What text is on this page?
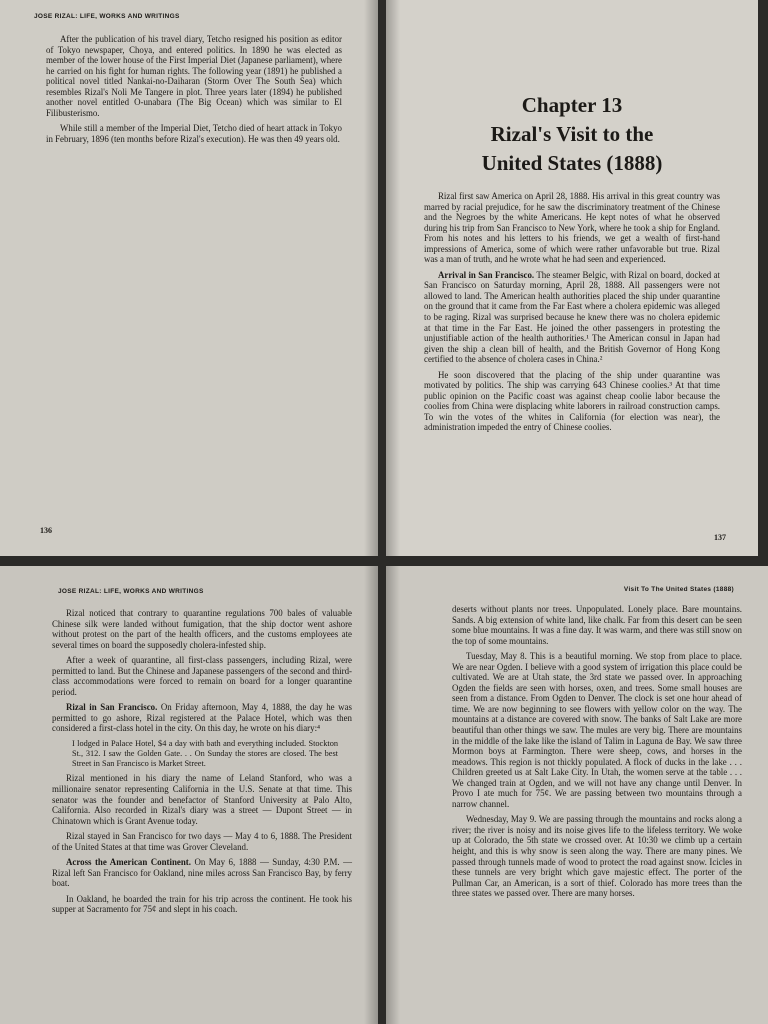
JOSE RIZAL: LIFE, WORKS AND WRITINGS

After the publication of his travel diary, Tetcho resigned his position as editor of Tokyo newspaper, Choya, and entered politics. In 1890 he was elected as member of the lower house of the First Imperial Diet (Japanese parliament), where he carried on his fight for human rights. The following year (1891) he published a political novel titled Nankai-no-Daiharan (Storm Over The South Sea) which resembles Rizal's Noli Me Tangere in plot. Three years later (1894) he published another novel entitled O-unabara (The Big Ocean) which was similar to El Filibusterismo.

While still a member of the Imperial Diet, Tetcho died of heart attack in Tokyo in February, 1896 (ten months before Rizal's execution). He was then 49 years old.

136
Chapter 13
Rizal's Visit to the
United States (1888)

Rizal first saw America on April 28, 1888. His arrival in this great country was marred by racial prejudice, for he saw the discriminatory treatment of the Chinese and the Negroes by the white Americans. He kept notes of what he observed during his trip from San Francisco to New York, where he took a ship for England. From his notes and his letters to his friends, we get a wealth of first-hand impressions of America, some of which were rather unfavorable but true. Rizal was a man of truth, and he wrote what he had seen and experienced.

Arrival in San Francisco. The steamer Belgic, with Rizal on board, docked at San Francisco on Saturday morning, April 28, 1888. All passengers were not allowed to land. The American health authorities placed the ship under quarantine on the ground that it came from the Far East where a cholera epidemic was alleged to be raging. Rizal was surprised because he knew there was no cholera epidemic at that time in the Far East. He joined the other passengers in protesting the unjustifiable action of the health authorities.¹ The American consul in Japan had given the ship a clean bill of health, and the British Governor of Hong Kong certified to the absence of cholera cases in China.²

He soon discovered that the placing of the ship under quarantine was motivated by politics. The ship was carrying 643 Chinese coolies.³ At that time public opinion on the Pacific coast was against cheap coolie labor because the coolies from China were displacing white laborers in railroad construction camps. To win the votes of the whites in California (for election was near), the administration impeded the entry of Chinese coolies.

137
JOSE RIZAL: LIFE, WORKS AND WRITINGS

Rizal noticed that contrary to quarantine regulations 700 bales of valuable Chinese silk were landed without fumigation, that the ship doctor went ashore without protest on the part of the health officers, and the customs employees ate several times on board the supposedly cholera-infested ship.

After a week of quarantine, all first-class passengers, including Rizal, were permitted to land. But the Chinese and Japanese passengers of the second and third-class accommodations were forced to remain on board for a longer quarantine period.

Rizal in San Francisco. On Friday afternoon, May 4, 1888, the day he was permitted to go ashore, Rizal registered at the Palace Hotel, which was then considered a first-class hotel in the city. On this day, he wrote on his diary:⁴

I lodged in Palace Hotel, $4 a day with bath and everything included. Stockton St., 312. I saw the Golden Gate. . . On Sunday the stores are closed. The best Street in San Francisco is Market Street.

Rizal mentioned in his diary the name of Leland Stanford, who was a millionaire senator representing California in the U.S. Senate at that time. This senator was the founder and benefactor of Stanford University at Palo Alto, California. Also recorded in Rizal's diary was a street — Dupont Street — in Chinatown which is Grant Avenue today.

Rizal stayed in San Francisco for two days — May 4 to 6, 1888. The President of the United States at that time was Grover Cleveland.

Across the American Continent. On May 6, 1888 — Sunday, 4:30 P.M. — Rizal left San Francisco for Oakland, nine miles across San Francisco Bay, by ferry boat.

In Oakland, he boarded the train for his trip across the continent. He took his supper at Sacramento for 75¢ and slept in his coach.

Visit To The United States (1888)

deserts without plants nor trees. Unpopulated. Lonely place. Bare mountains. Sands. A big extension of white land, like chalk. Far from this desert can be seen some blue mountains. It was a fine day. It was warm, and there was still snow on the top of some mountains.

Tuesday, May 8. This is a beautiful morning. We stop from place to place. We are near Ogden. I believe with a good system of irrigation this place could be cultivated. We are at Utah state, the 3rd state we passed over. In approaching Ogden the fields are seen with horses, oxen, and trees. Some small houses are seen from a distance. From Ogden to Denver. The clock is set one hour ahead of time. We are now beginning to see flowers with yellow color on the way. The mountains at a distance are covered with snow. The banks of Salt Lake are more beautiful than other things we saw. The mules are very big. There are mountains in the middle of the lake like the island of Talim in Laguna de Bay. We saw three Mormon boys at Farmington. There were sheep, cows, and horses in the meadows. This region is not thickly populated. A flock of ducks in the lake . . . Children greeted us at Salt Lake City. In Utah, the women serve at the table . . . We changed train at Ogden, and we will not have any change until Denver. In Provo I ate much for 75¢. We are passing between two mountains through a narrow channel.

Wednesday, May 9. We are passing through the mountains and rocks along a river; the river is noisy and its noise gives life to the lifeless territory. We woke up at Colorado, the 5th state we crossed over. At 10:30 we climb up a certain height, and this is why snow is seen along the way. There are many pines. We passed through tunnels made of wood to protect the road against snow. Icicles in these tunnels are very bright which gave majestic effect. The porter of the Pullman Car, an American, is a sort of thief. Colorado has more trees than the three states we passed over. There are many horses.
